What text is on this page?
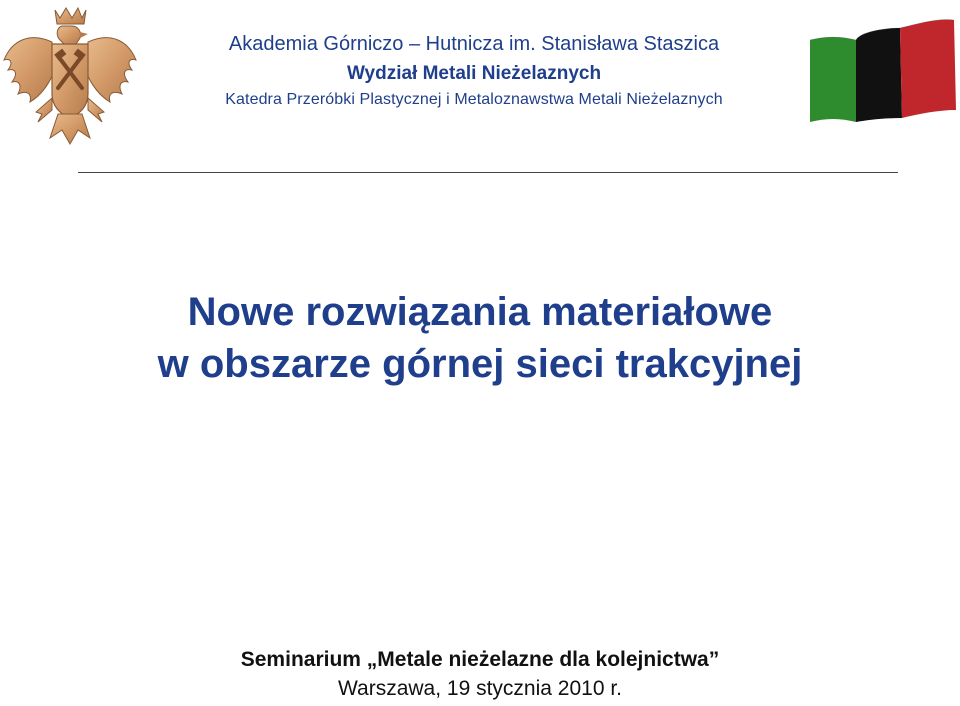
Akademia Górniczo – Hutnicza im. Stanisława Staszica
Wydział Metali Nieżelaznych
Katedra Przeróbki Plastycznej i Metaloznawstwa Metali Nieżelaznych
Nowe rozwiązania materiałowe
w obszarze górnej sieci trakcyjnej
Seminarium „Metale nieżelazne dla kolejnictwa”
Warszawa, 19 stycznia 2010 r.
